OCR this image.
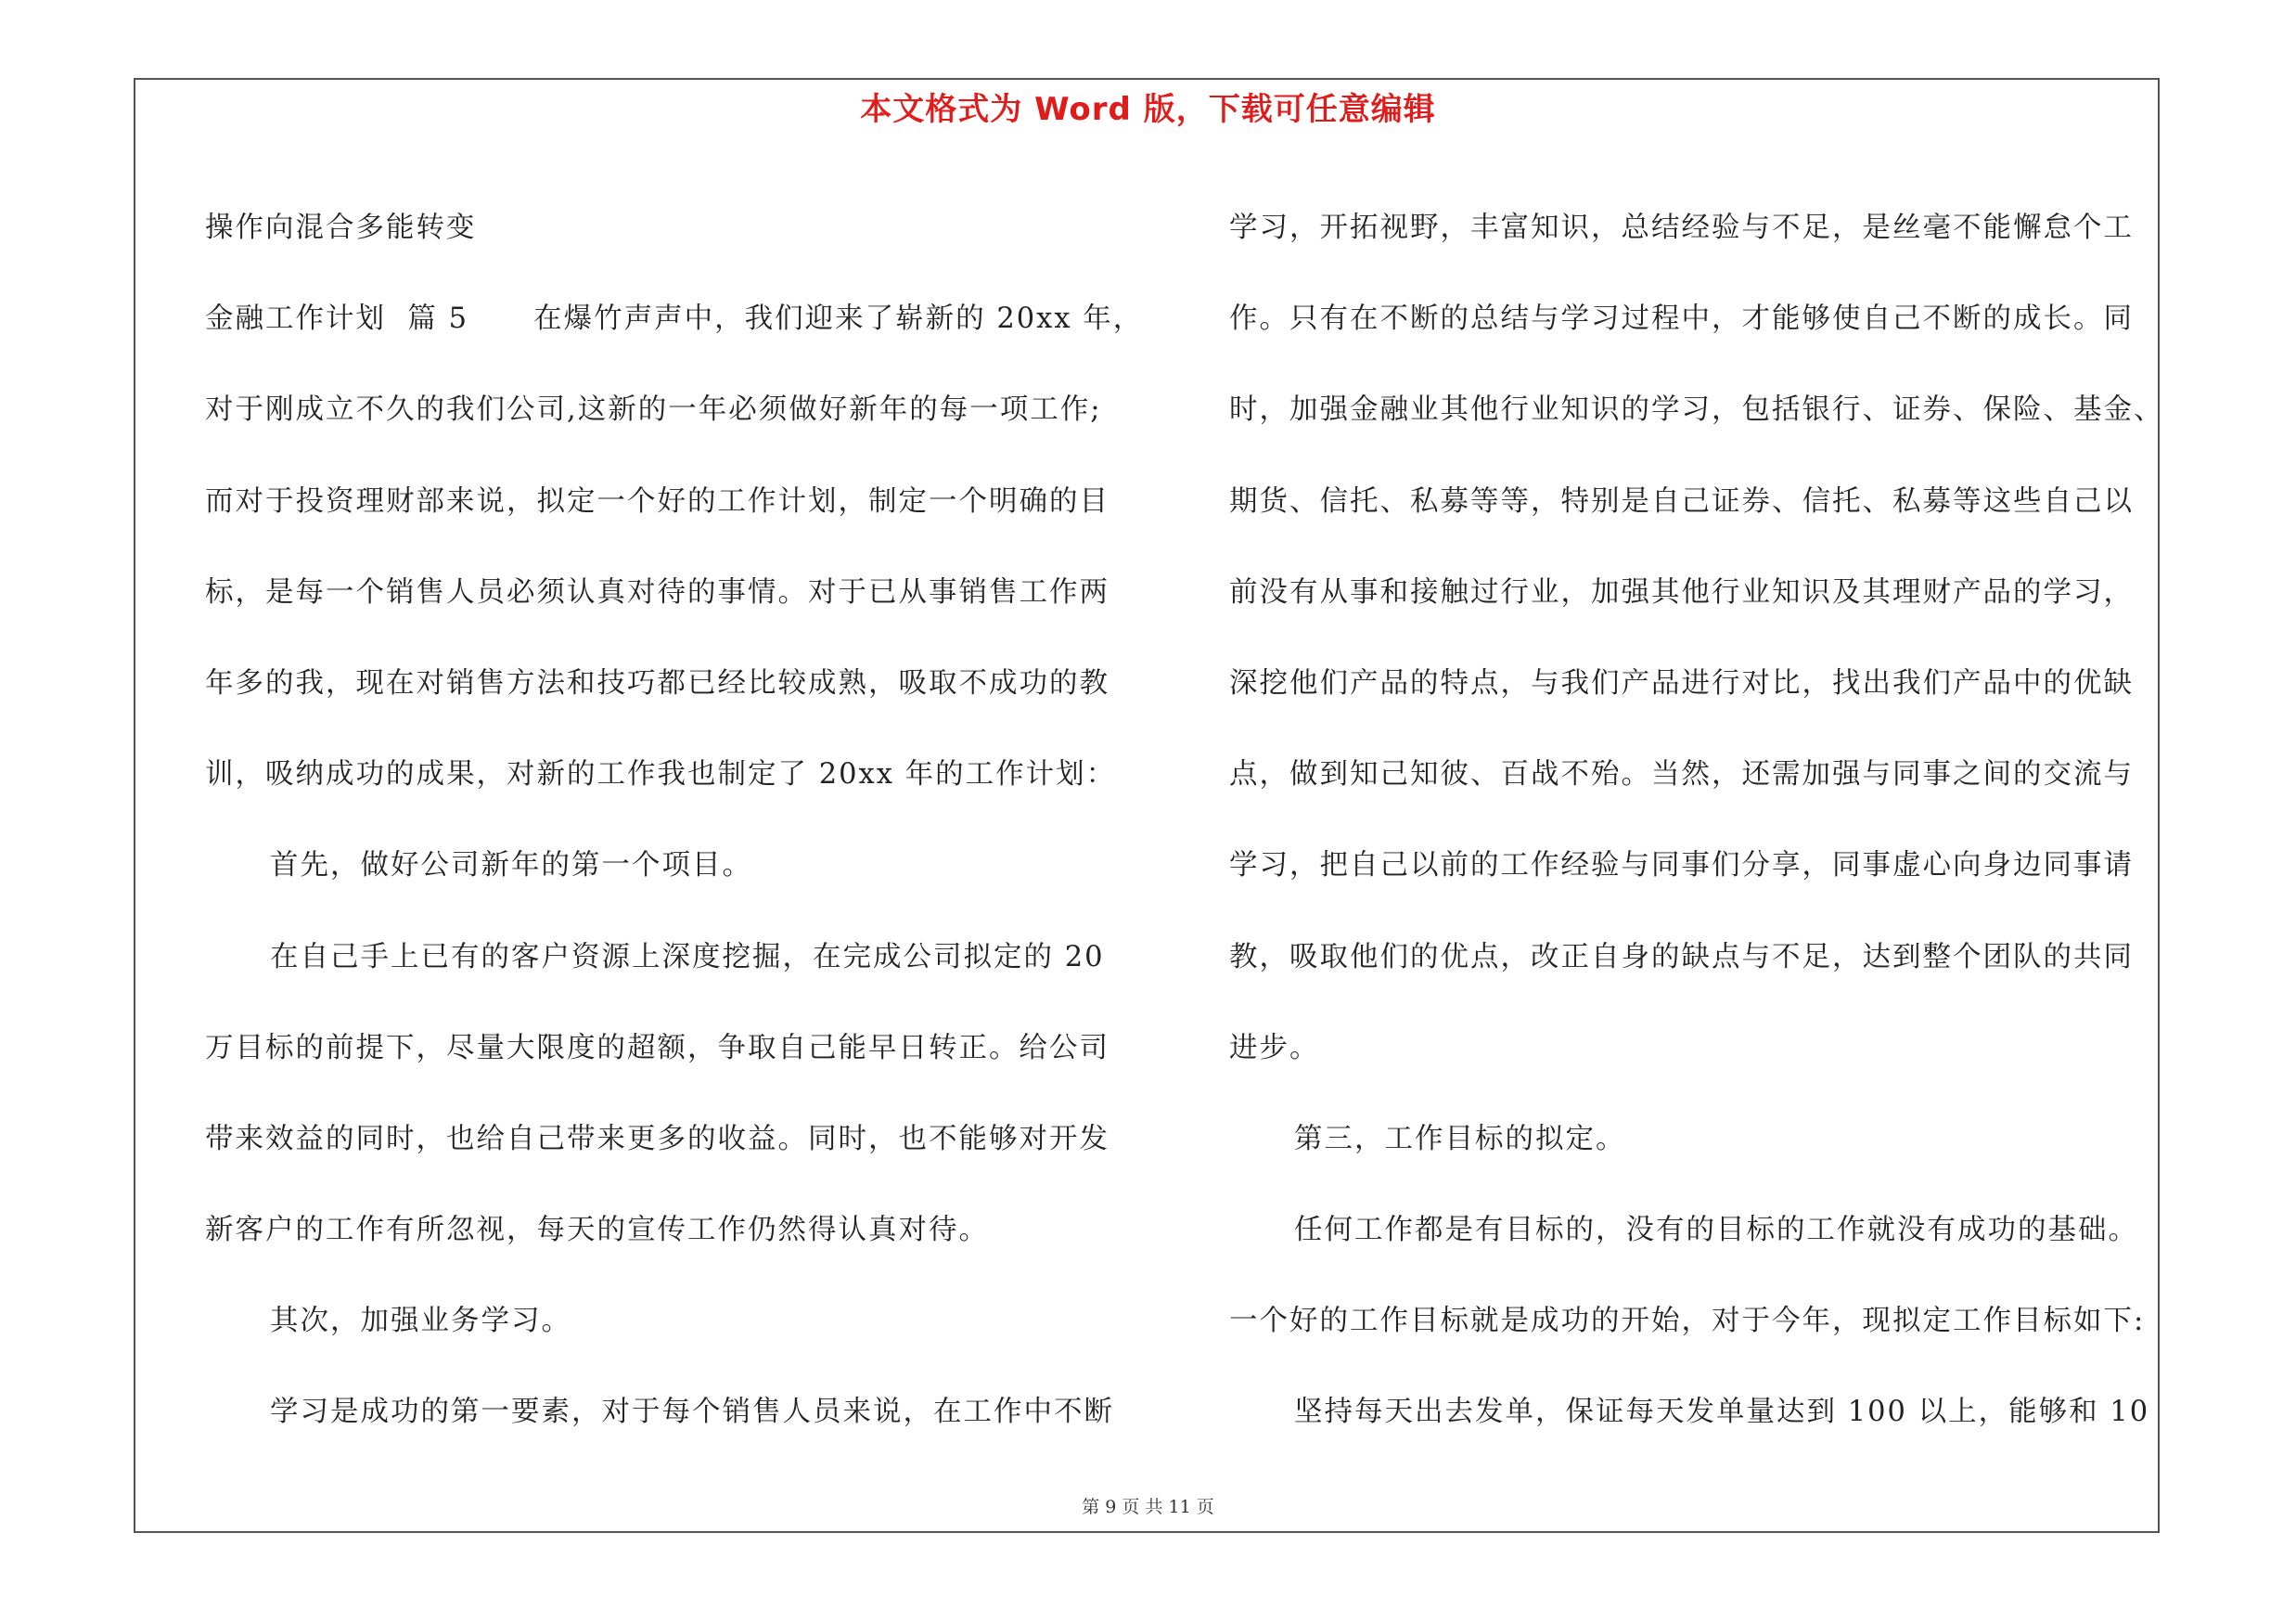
本文格式为 Word 版，下载可任意编辑
操作向混合多能转变
金融工作计划  篇 5      在爆竹声声中，我们迎来了崭新的 20xx 年，
对于刚成立不久的我们公司,这新的一年必须做好新年的每一项工作;
而对于投资理财部来说，拟定一个好的工作计划，制定一个明确的目
标，是每一个销售人员必须认真对待的事情。对于已从事销售工作两
年多的我，现在对销售方法和技巧都已经比较成熟，吸取不成功的教
训，吸纳成功的成果，对新的工作我也制定了 20xx 年的工作计划：
首先，做好公司新年的第一个项目。
在自己手上已有的客户资源上深度挖掘，在完成公司拟定的 20
万目标的前提下，尽量大限度的超额，争取自己能早日转正。给公司
带来效益的同时，也给自己带来更多的收益。同时，也不能够对开发
新客户的工作有所忽视，每天的宣传工作仍然得认真对待。
其次，加强业务学习。
学习是成功的第一要素，对于每个销售人员来说，在工作中不断
学习，开拓视野，丰富知识，总结经验与不足，是丝毫不能懈怠个工
作。只有在不断的总结与学习过程中，才能够使自己不断的成长。同
时，加强金融业其他行业知识的学习，包括银行、证券、保险、基金、
期货、信托、私募等等，特别是自己证券、信托、私募等这些自己以
前没有从事和接触过行业，加强其他行业知识及其理财产品的学习，
深挖他们产品的特点，与我们产品进行对比，找出我们产品中的优缺
点，做到知己知彼、百战不殆。当然，还需加强与同事之间的交流与
学习，把自己以前的工作经验与同事们分享，同事虚心向身边同事请
教，吸取他们的优点，改正自身的缺点与不足，达到整个团队的共同
进步。
第三，工作目标的拟定。
任何工作都是有目标的，没有的目标的工作就没有成功的基础。
一个好的工作目标就是成功的开始，对于今年，现拟定工作目标如下:
坚持每天出去发单，保证每天发单量达到 100 以上，能够和 10
第 9 页 共 11 页
